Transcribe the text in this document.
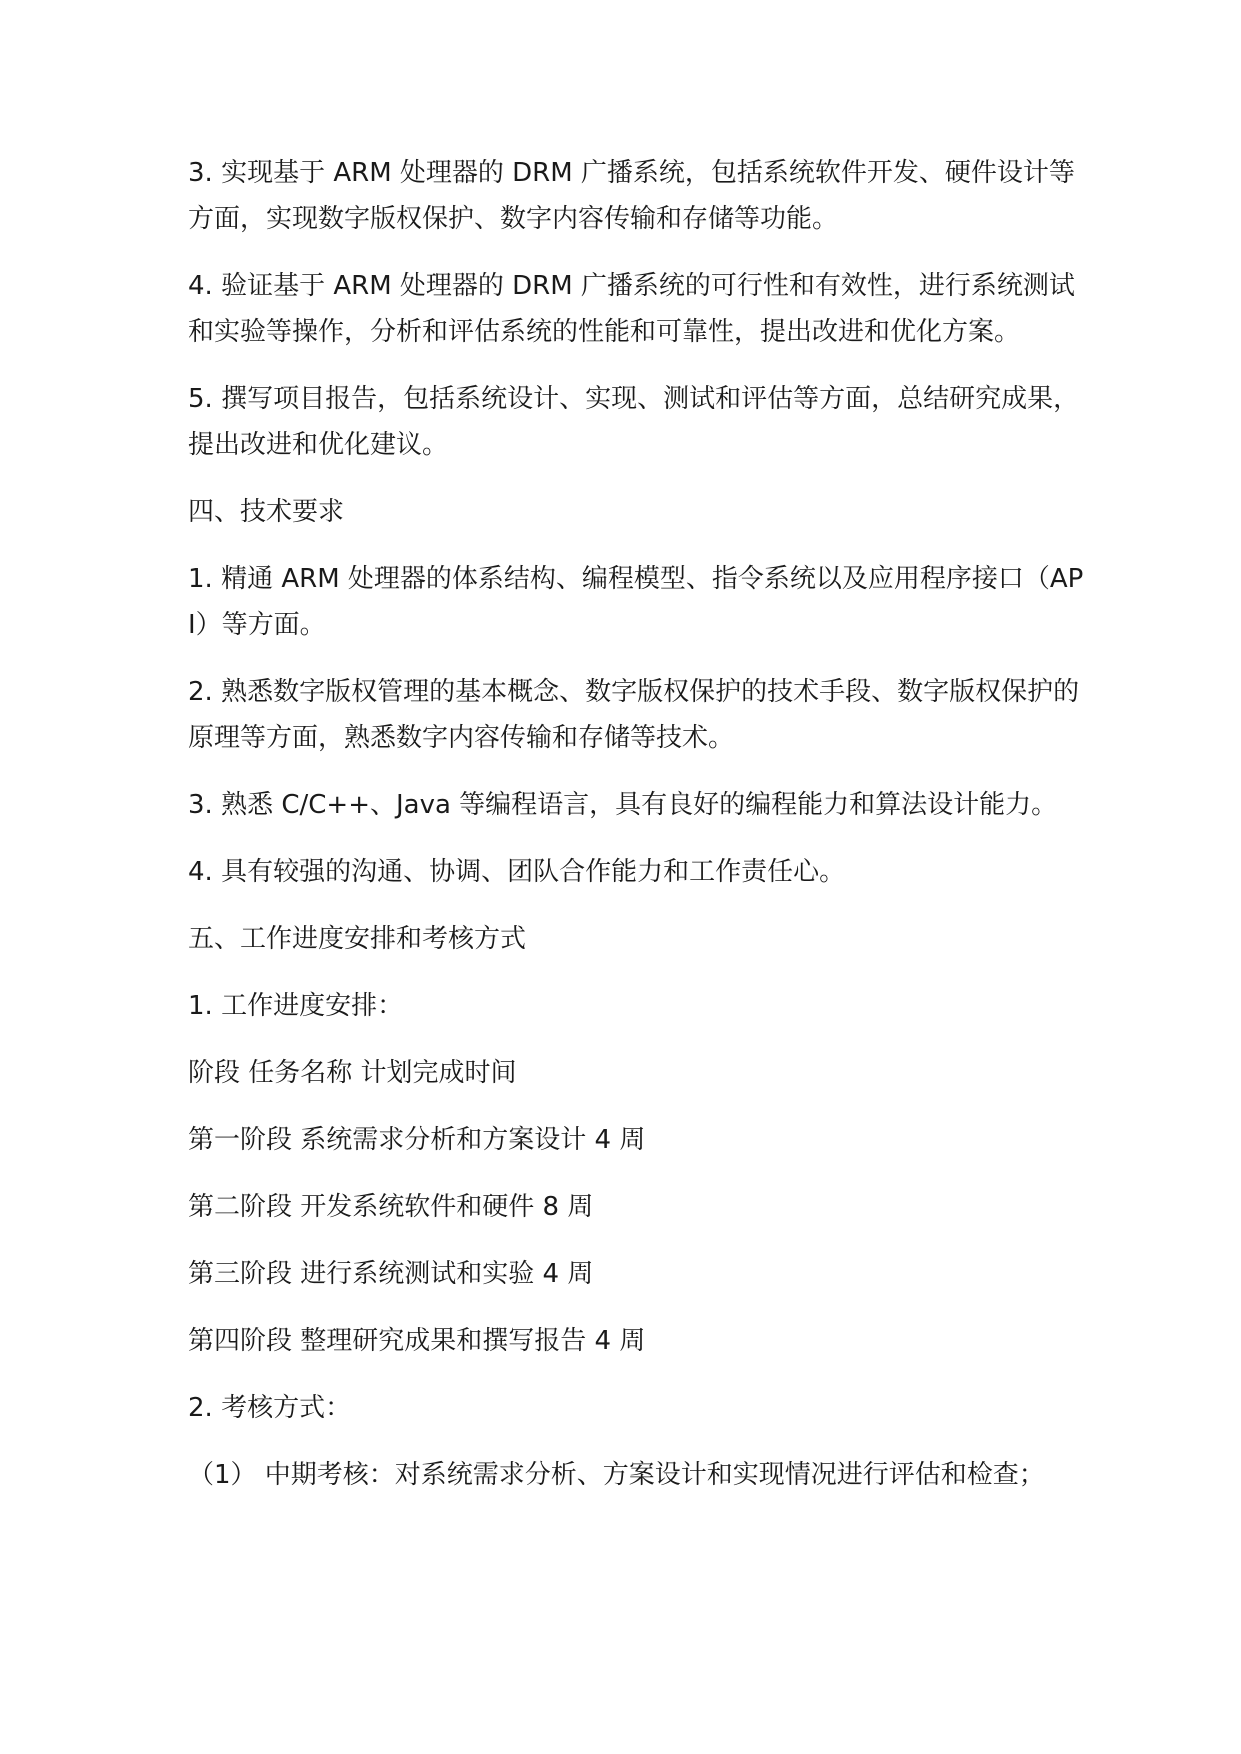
3. 实现基于 ARM 处理器的 DRM 广播系统，包括系统软件开发、硬件设计等方面，实现数字版权保护、数字内容传输和存储等功能。

4. 验证基于 ARM 处理器的 DRM 广播系统的可行性和有效性，进行系统测试和实验等操作，分析和评估系统的性能和可靠性，提出改进和优化方案。

5. 撰写项目报告，包括系统设计、实现、测试和评估等方面，总结研究成果，提出改进和优化建议。

四、技术要求

1. 精通 ARM 处理器的体系结构、编程模型、指令系统以及应用程序接口（API）等方面。

2. 熟悉数字版权管理的基本概念、数字版权保护的技术手段、数字版权保护的原理等方面，熟悉数字内容传输和存储等技术。

3. 熟悉 C/C++、Java 等编程语言，具有良好的编程能力和算法设计能力。

4. 具有较强的沟通、协调、团队合作能力和工作责任心。

五、工作进度安排和考核方式

1. 工作进度安排：

阶段 任务名称 计划完成时间

第一阶段 系统需求分析和方案设计 4 周

第二阶段 开发系统软件和硬件 8 周

第三阶段 进行系统测试和实验 4 周

第四阶段 整理研究成果和撰写报告 4 周

2. 考核方式：

（1） 中期考核：对系统需求分析、方案设计和实现情况进行评估和检查；
